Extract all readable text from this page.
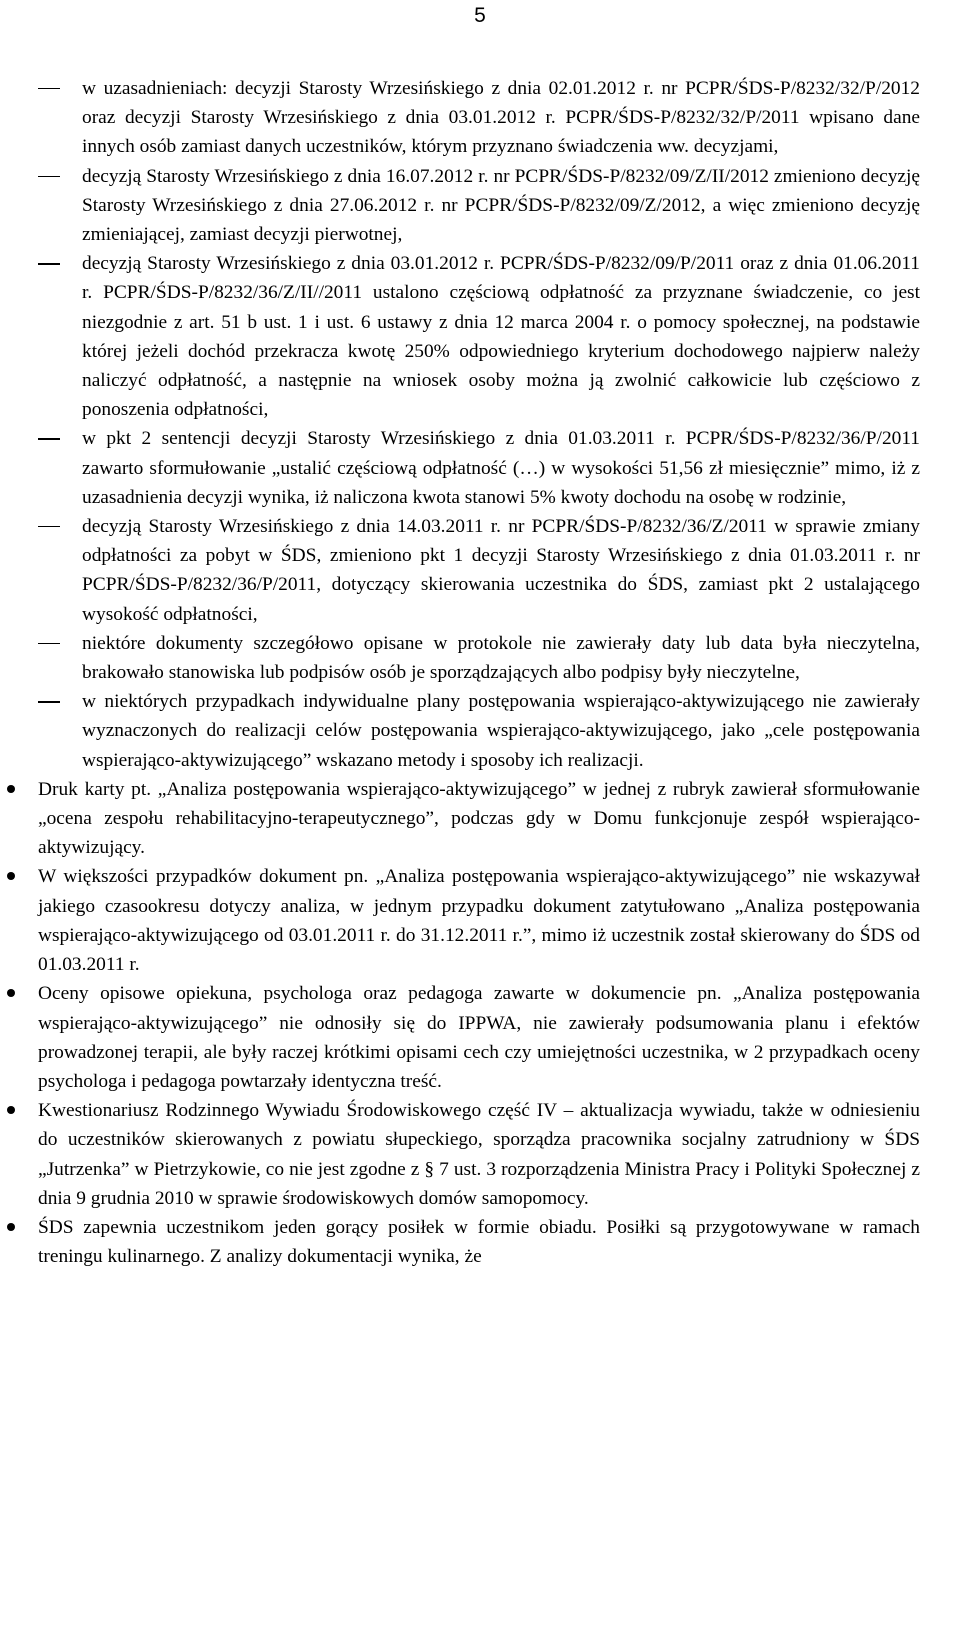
5
w uzasadnieniach: decyzji Starosty Wrzesińskiego z dnia 02.01.2012 r. nr PCPR/ŚDS-P/8232/32/P/2012 oraz decyzji Starosty Wrzesińskiego z dnia 03.01.2012 r. PCPR/ŚDS-P/8232/32/P/2011 wpisano dane innych osób zamiast danych uczestników, którym przyznano świadczenia ww. decyzjami,
decyzją Starosty Wrzesińskiego z dnia 16.07.2012 r. nr PCPR/ŚDS-P/8232/09/Z/II/2012 zmieniono decyzję Starosty Wrzesińskiego z dnia 27.06.2012 r. nr PCPR/ŚDS-P/8232/09/Z/2012, a więc zmieniono decyzję zmieniającej, zamiast decyzji pierwotnej,
decyzją Starosty Wrzesińskiego z dnia 03.01.2012 r. PCPR/ŚDS-P/8232/09/P/2011 oraz z dnia 01.06.2011 r. PCPR/ŚDS-P/8232/36/Z/II//2011 ustalono częściową odpłatność za przyznane świadczenie, co jest niezgodnie z art. 51 b ust. 1 i ust. 6 ustawy z dnia 12 marca 2004 r. o pomocy społecznej, na podstawie której jeżeli dochód przekracza kwotę 250% odpowiedniego kryterium dochodowego najpierw należy naliczyć odpłatność, a następnie na wniosek osoby można ją zwolnić całkowicie lub częściowo z ponoszenia odpłatności,
w pkt 2 sentencji decyzji Starosty Wrzesińskiego z dnia 01.03.2011 r. PCPR/ŚDS-P/8232/36/P/2011 zawarto sformułowanie „ustalić częściową odpłatność (…) w wysokości 51,56 zł miesięcznie” mimo, iż z uzasadnienia decyzji wynika, iż naliczona kwota stanowi 5% kwoty dochodu na osobę w rodzinie,
decyzją Starosty Wrzesińskiego z dnia 14.03.2011 r. nr PCPR/ŚDS-P/8232/36/Z/2011 w sprawie zmiany odpłatności za pobyt w ŚDS, zmieniono pkt 1 decyzji Starosty Wrzesińskiego z dnia 01.03.2011 r. nr PCPR/ŚDS-P/8232/36/P/2011, dotyczący skierowania uczestnika do ŚDS, zamiast pkt 2 ustalającego wysokość odpłatności,
niektóre dokumenty szczegółowo opisane w protokole nie zawierały daty lub data była nieczytelna, brakowało stanowiska lub podpisów osób je sporządzających albo podpisy były nieczytelne,
w niektórych przypadkach indywidualne plany postępowania wspierająco-aktywizującego nie zawierały wyznaczonych do realizacji celów postępowania wspierająco-aktywizującego, jako „cele postępowania wspierająco-aktywizującego” wskazano metody i sposoby ich realizacji.
Druk karty pt. „Analiza postępowania wspierająco-aktywizującego” w jednej z rubryk zawierał sformułowanie „ocena zespołu rehabilitacyjno-terapeutycznego”, podczas gdy w Domu funkcjonuje zespół wspierająco-aktywizujący.
W większości przypadków dokument pn. „Analiza postępowania wspierająco-aktywizującego” nie wskazywał jakiego czasookresu dotyczy analiza, w jednym przypadku dokument zatytułowano „Analiza postępowania wspierająco-aktywizującego od 03.01.2011 r. do 31.12.2011 r.”, mimo iż uczestnik został skierowany do ŚDS od 01.03.2011 r.
Oceny opisowe opiekuna, psychologa oraz pedagoga zawarte w dokumencie pn. „Analiza postępowania wspierająco-aktywizującego” nie odnosiły się do IPPWA, nie zawierały podsumowania planu i efektów prowadzonej terapii, ale były raczej krótkimi opisami cech czy umiejętności uczestnika, w 2 przypadkach oceny psychologa i pedagoga powtarzały identyczna treść.
Kwestionariusz Rodzinnego Wywiadu Środowiskowego część IV – aktualizacja wywiadu, także w odniesieniu do uczestników skierowanych z powiatu słupeckiego, sporządza pracownika socjalny zatrudniony w ŚDS „Jutrzenka” w Pietrzykowie, co nie jest zgodne z § 7 ust. 3 rozporządzenia Ministra Pracy i Polityki Społecznej z dnia 9 grudnia 2010 w sprawie środowiskowych domów samopomocy.
ŚDS zapewnia uczestnikom jeden gorący posiłek w formie obiadu. Posiłki są przygotowywane w ramach treningu kulinarnego. Z analizy dokumentacji wynika, że
